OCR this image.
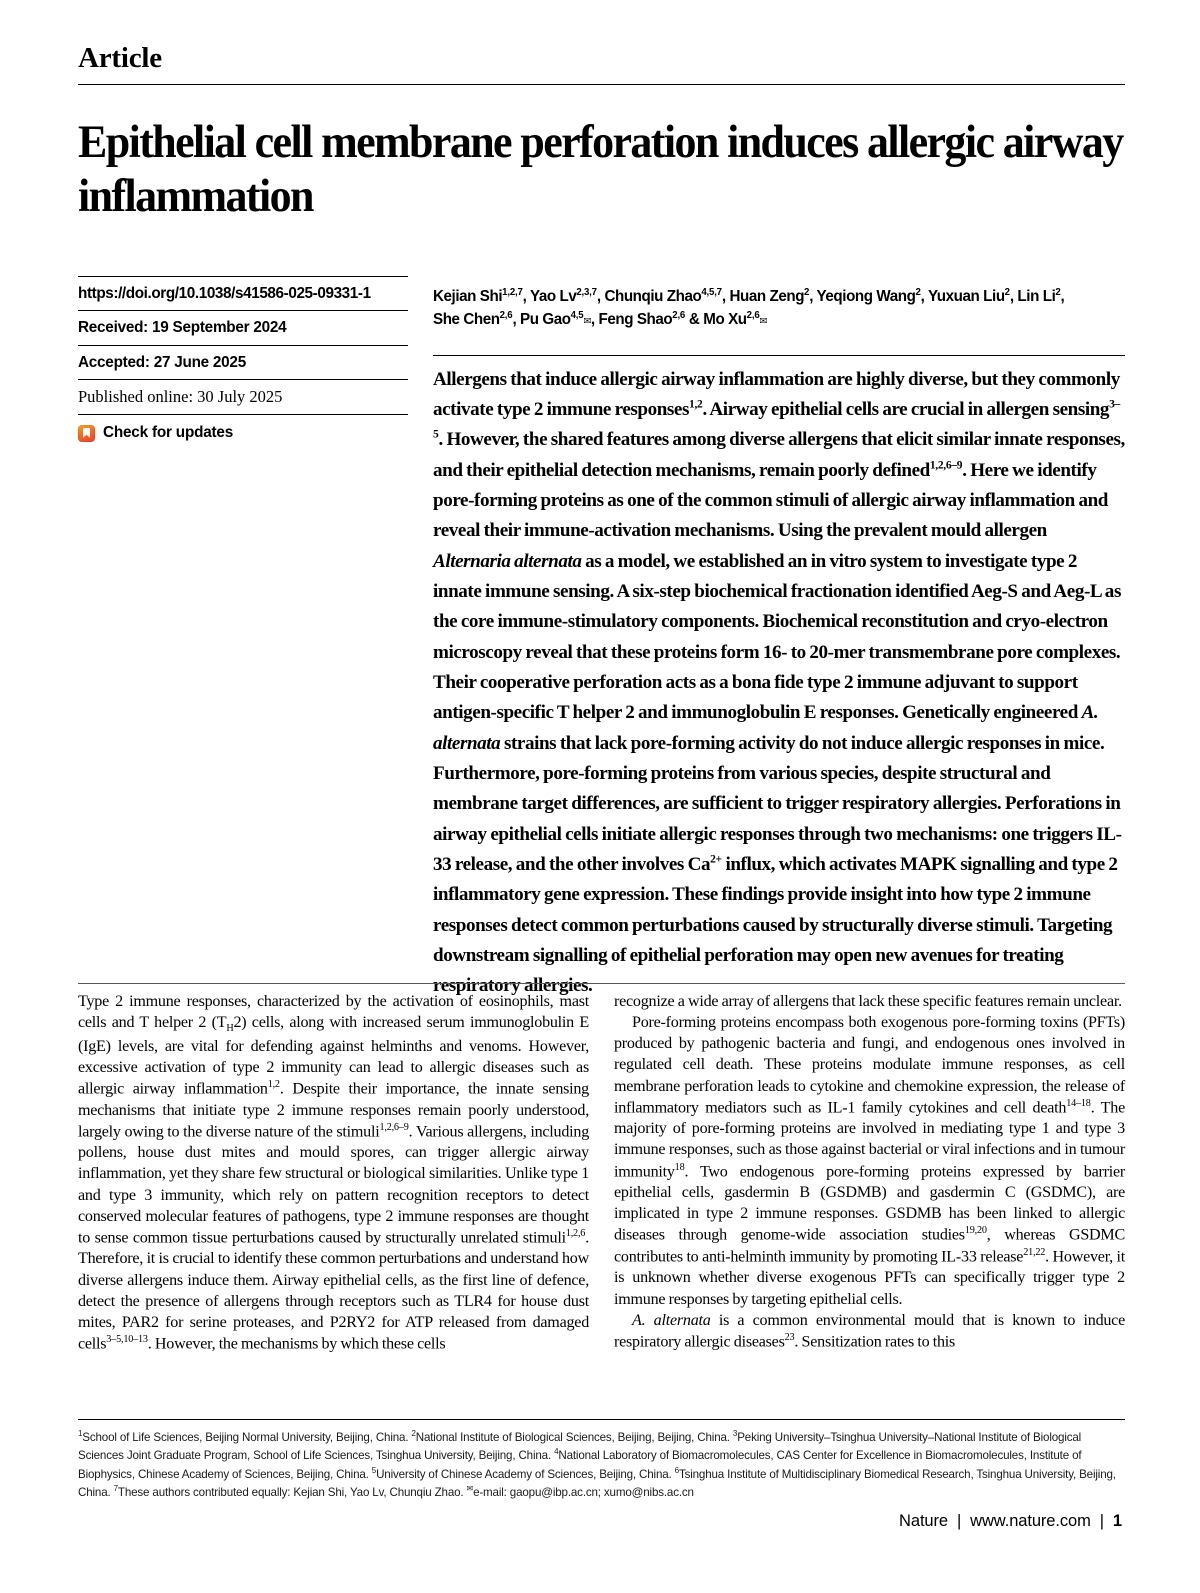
Article
Epithelial cell membrane perforation induces allergic airway inflammation
https://doi.org/10.1038/s41586-025-09331-1
Received: 19 September 2024
Accepted: 27 June 2025
Published online: 30 July 2025
Check for updates
Kejian Shi$^{1,2,7}$, Yao Lv$^{2,3,7}$, Chunqiu Zhao$^{4,5,7}$, Huan Zeng$^2$, Yeqiong Wang$^2$, Yuxuan Liu$^2$, Lin Li$^2$,
She Chen$^{2,6}$, Pu Gao$^{4,5}$✉, Feng Shao$^{2,6}$ & Mo Xu$^{2,6}$✉
Allergens that induce allergic airway inflammation are highly diverse, but they commonly activate type 2 immune responses$^{1,2}$. Airway epithelial cells are crucial in allergen sensing$^{3-5}$. However, the shared features among diverse allergens that elicit similar innate responses, and their epithelial detection mechanisms, remain poorly defined$^{1,2,6-9}$. Here we identify pore-forming proteins as one of the common stimuli of allergic airway inflammation and reveal their immune-activation mechanisms. Using the prevalent mould allergen Alternaria alternata as a model, we established an in vitro system to investigate type 2 innate immune sensing. A six-step biochemical fractionation identified Aeg-S and Aeg-L as the core immune-stimulatory components. Biochemical reconstitution and cryo-electron microscopy reveal that these proteins form 16- to 20-mer transmembrane pore complexes. Their cooperative perforation acts as a bona fide type 2 immune adjuvant to support antigen-specific T helper 2 and immunoglobulin E responses. Genetically engineered A. alternata strains that lack pore-forming activity do not induce allergic responses in mice. Furthermore, pore-forming proteins from various species, despite structural and membrane target differences, are sufficient to trigger respiratory allergies. Perforations in airway epithelial cells initiate allergic responses through two mechanisms: one triggers IL-33 release, and the other involves $Ca^{2+}$ influx, which activates MAPK signalling and type 2 inflammatory gene expression. These findings provide insight into how type 2 immune responses detect common perturbations caused by structurally diverse stimuli. Targeting downstream signalling of epithelial perforation may open new avenues for treating respiratory allergies.

Type 2 immune responses, characterized by the activation of eosinophils, mast cells and T helper 2 $(T_H2)$ cells, along with increased serum immunoglobulin E (IgE) levels, are vital for defending against helminths and venoms. However, excessive activation of type 2 immunity can lead to allergic diseases such as allergic airway inflammation$^{1,2}$. Despite their importance, the innate sensing mechanisms that initiate type 2 immune responses remain poorly understood, largely owing to the diverse nature of the stimuli$^{1,2,6-9}$. Various allergens, including pollens, house dust mites and mould spores, can trigger allergic airway inflammation, yet they share few structural or biological similarities. Unlike type 1 and type 3 immunity, which rely on pattern recognition receptors to detect conserved molecular features of pathogens, type 2 immune responses are thought to sense common tissue perturbations caused by structurally unrelated stimuli$^{1,2,6}$. Therefore, it is crucial to identify these common perturbations and understand how diverse allergens induce them. Airway epithelial cells, as the first line of defence, detect the presence of allergens through receptors such as TLR4 for house dust mites, PAR2 for serine proteases, and P2RY2 for ATP released from damaged cells$^{3-5,10-13}$. However, the mechanisms by which these cells

recognize a wide array of allergens that lack these specific features remain unclear.

Pore-forming proteins encompass both exogenous pore-forming toxins (PFTs) produced by pathogenic bacteria and fungi, and endogenous ones involved in regulated cell death. These proteins modulate immune responses, as cell membrane perforation leads to cytokine and chemokine expression, the release of inflammatory mediators such as IL-1 family cytokines and cell death$^{14-18}$. The majority of pore-forming proteins are involved in mediating type 1 and type 3 immune responses, such as those against bacterial or viral infections and in tumour immunity$^{18}$. Two endogenous pore-forming proteins expressed by barrier epithelial cells, gasdermin B (GSDMB) and gasdermin C (GSDMC), are implicated in type 2 immune responses. GSDMB has been linked to allergic diseases through genome-wide association studies$^{19,20}$, whereas GSDMC contributes to anti-helminth immunity by promoting IL-33 release$^{21,22}$. However, it is unknown whether diverse exogenous PFTs can specifically trigger type 2 immune responses by targeting epithelial cells.

A. alternata is a common environmental mould that is known to induce respiratory allergic diseases$^{23}$. Sensitization rates to this

$^1$School of Life Sciences, Beijing Normal University, Beijing, China. $^2$National Institute of Biological Sciences, Beijing, Beijing, China. $^3$Peking University–Tsinghua University–National Institute of Biological Sciences Joint Graduate Program, School of Life Sciences, Tsinghua University, Beijing, China. $^4$National Laboratory of Biomacromolecules, CAS Center for Excellence in Biomacromolecules, Institute of Biophysics, Chinese Academy of Sciences, Beijing, China. $^5$University of Chinese Academy of Sciences, Beijing, China. $^6$Tsinghua Institute of Multidisciplinary Biomedical Research, Tsinghua University, Beijing, China. $^7$These authors contributed equally: Kejian Shi, Yao Lv, Chunqiu Zhao. ✉e-mail: gaopu@ibp.ac.cn; xumo@nibs.ac.cn
Nature | www.nature.com | 1
